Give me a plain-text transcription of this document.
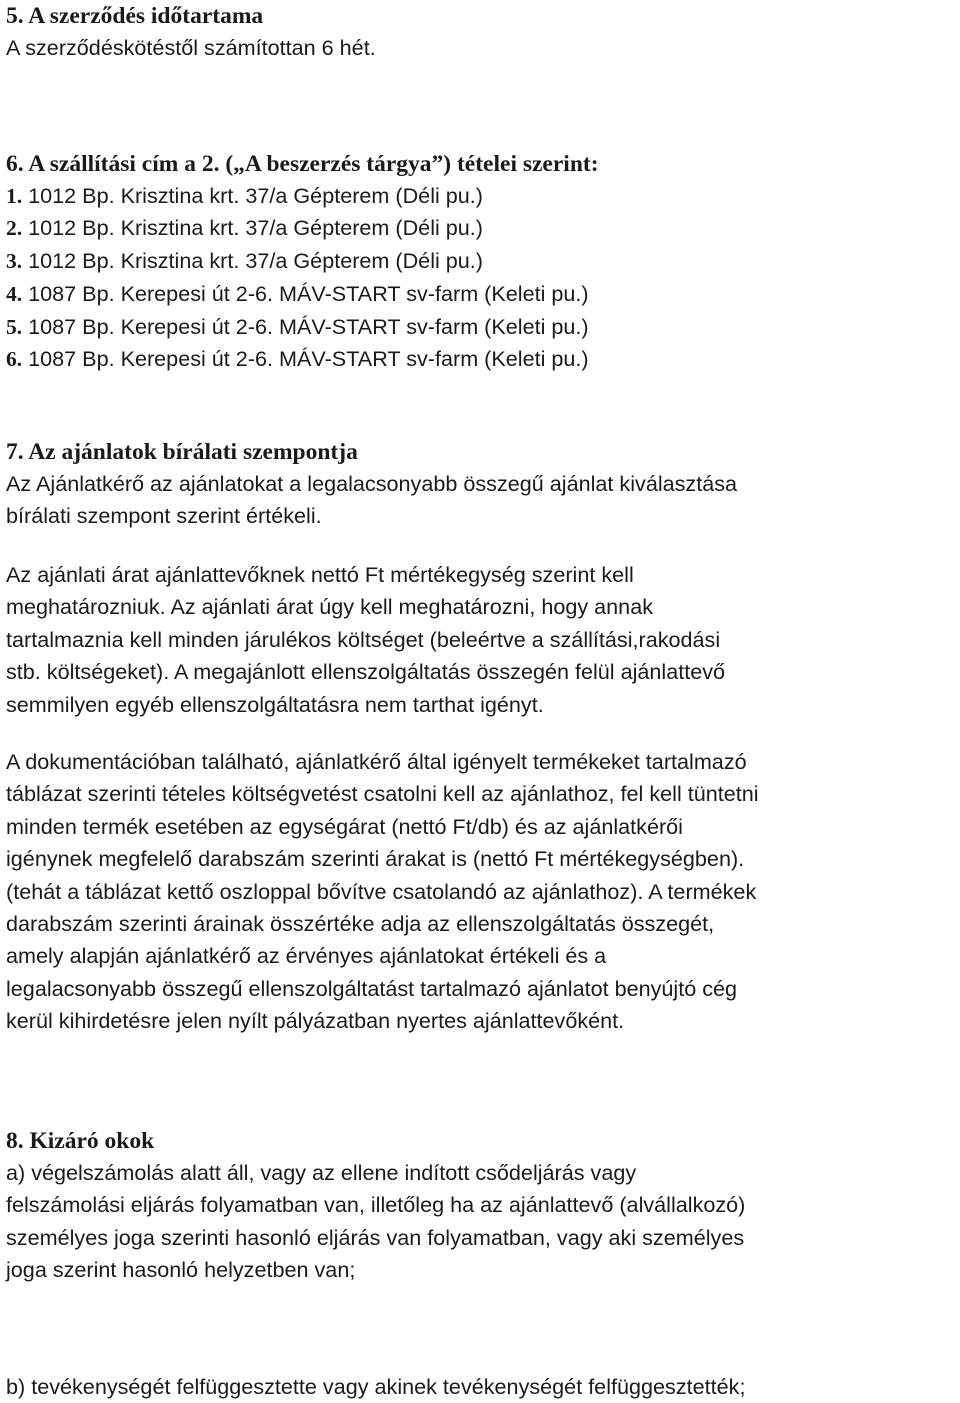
5. A szerződés időtartama
A szerződéskötéstől számítottan 6 hét.
6. A szállítási cím a 2. („A beszerzés tárgya”) tételei szerint:
1. 1012 Bp. Krisztina krt. 37/a Gépterem (Déli pu.)
2. 1012 Bp. Krisztina krt. 37/a Gépterem (Déli pu.)
3. 1012 Bp. Krisztina krt. 37/a Gépterem (Déli pu.)
4. 1087 Bp. Kerepesi út 2-6. MÁV-START sv-farm (Keleti pu.)
5. 1087 Bp. Kerepesi út 2-6. MÁV-START sv-farm (Keleti pu.)
6. 1087 Bp. Kerepesi út 2-6. MÁV-START sv-farm (Keleti pu.)
7. Az ajánlatok bírálati szempontja
Az Ajánlatkérő az ajánlatokat a legalacsonyabb összegű ajánlat kiválasztása
bírálati szempont szerint értékeli.
Az ajánlati árat ajánlattevőknek nettó Ft mértékegység szerint kell
meghatározniuk. Az ajánlati árat úgy kell meghatározni, hogy annak
tartalmaznia kell minden járulékos költséget (beleértve a szállítási,rakodási
stb. költségeket). A megajánlott ellenszolgáltatás összegén felül ajánlattevő
semmilyen egyéb ellenszolgáltatásra nem tarthat igényt.
A dokumentációban található, ajánlatkérő által igényelt termékeket tartalmazó
táblázat szerinti tételes költségvetést csatolni kell az ajánlathoz, fel kell tüntetni
minden termék esetében az egységárat (nettó Ft/db) és az ajánlatkérői
igénynek megfelelő darabszám szerinti árakat is (nettó Ft mértékegységben).
(tehát a táblázat kettő oszloppal bővítve csatolandó az ajánlathoz). A termékek
darabszám szerinti árainak összértéke adja az ellenszolgáltatás összegét,
amely alapján ajánlatkérő az érvényes ajánlatokat értékeli és a
legalacsonyabb összegű ellenszolgáltatást tartalmazó ajánlatot benyújtó cég
kerül kihirdetésre jelen nyílt pályázatban nyertes ajánlattevőként.
8. Kizáró okok
a) végelszámolás alatt áll, vagy az ellene indított csődeljárás vagy
felszámolási eljárás folyamatban van, illetőleg ha az ajánlattevő (alvállalkozó)
személyes joga szerinti hasonló eljárás van folyamatban, vagy aki személyes
joga szerint hasonló helyzetben van;
b) tevékenységét felfüggesztette vagy akinek tevékenységét felfüggesztették;
